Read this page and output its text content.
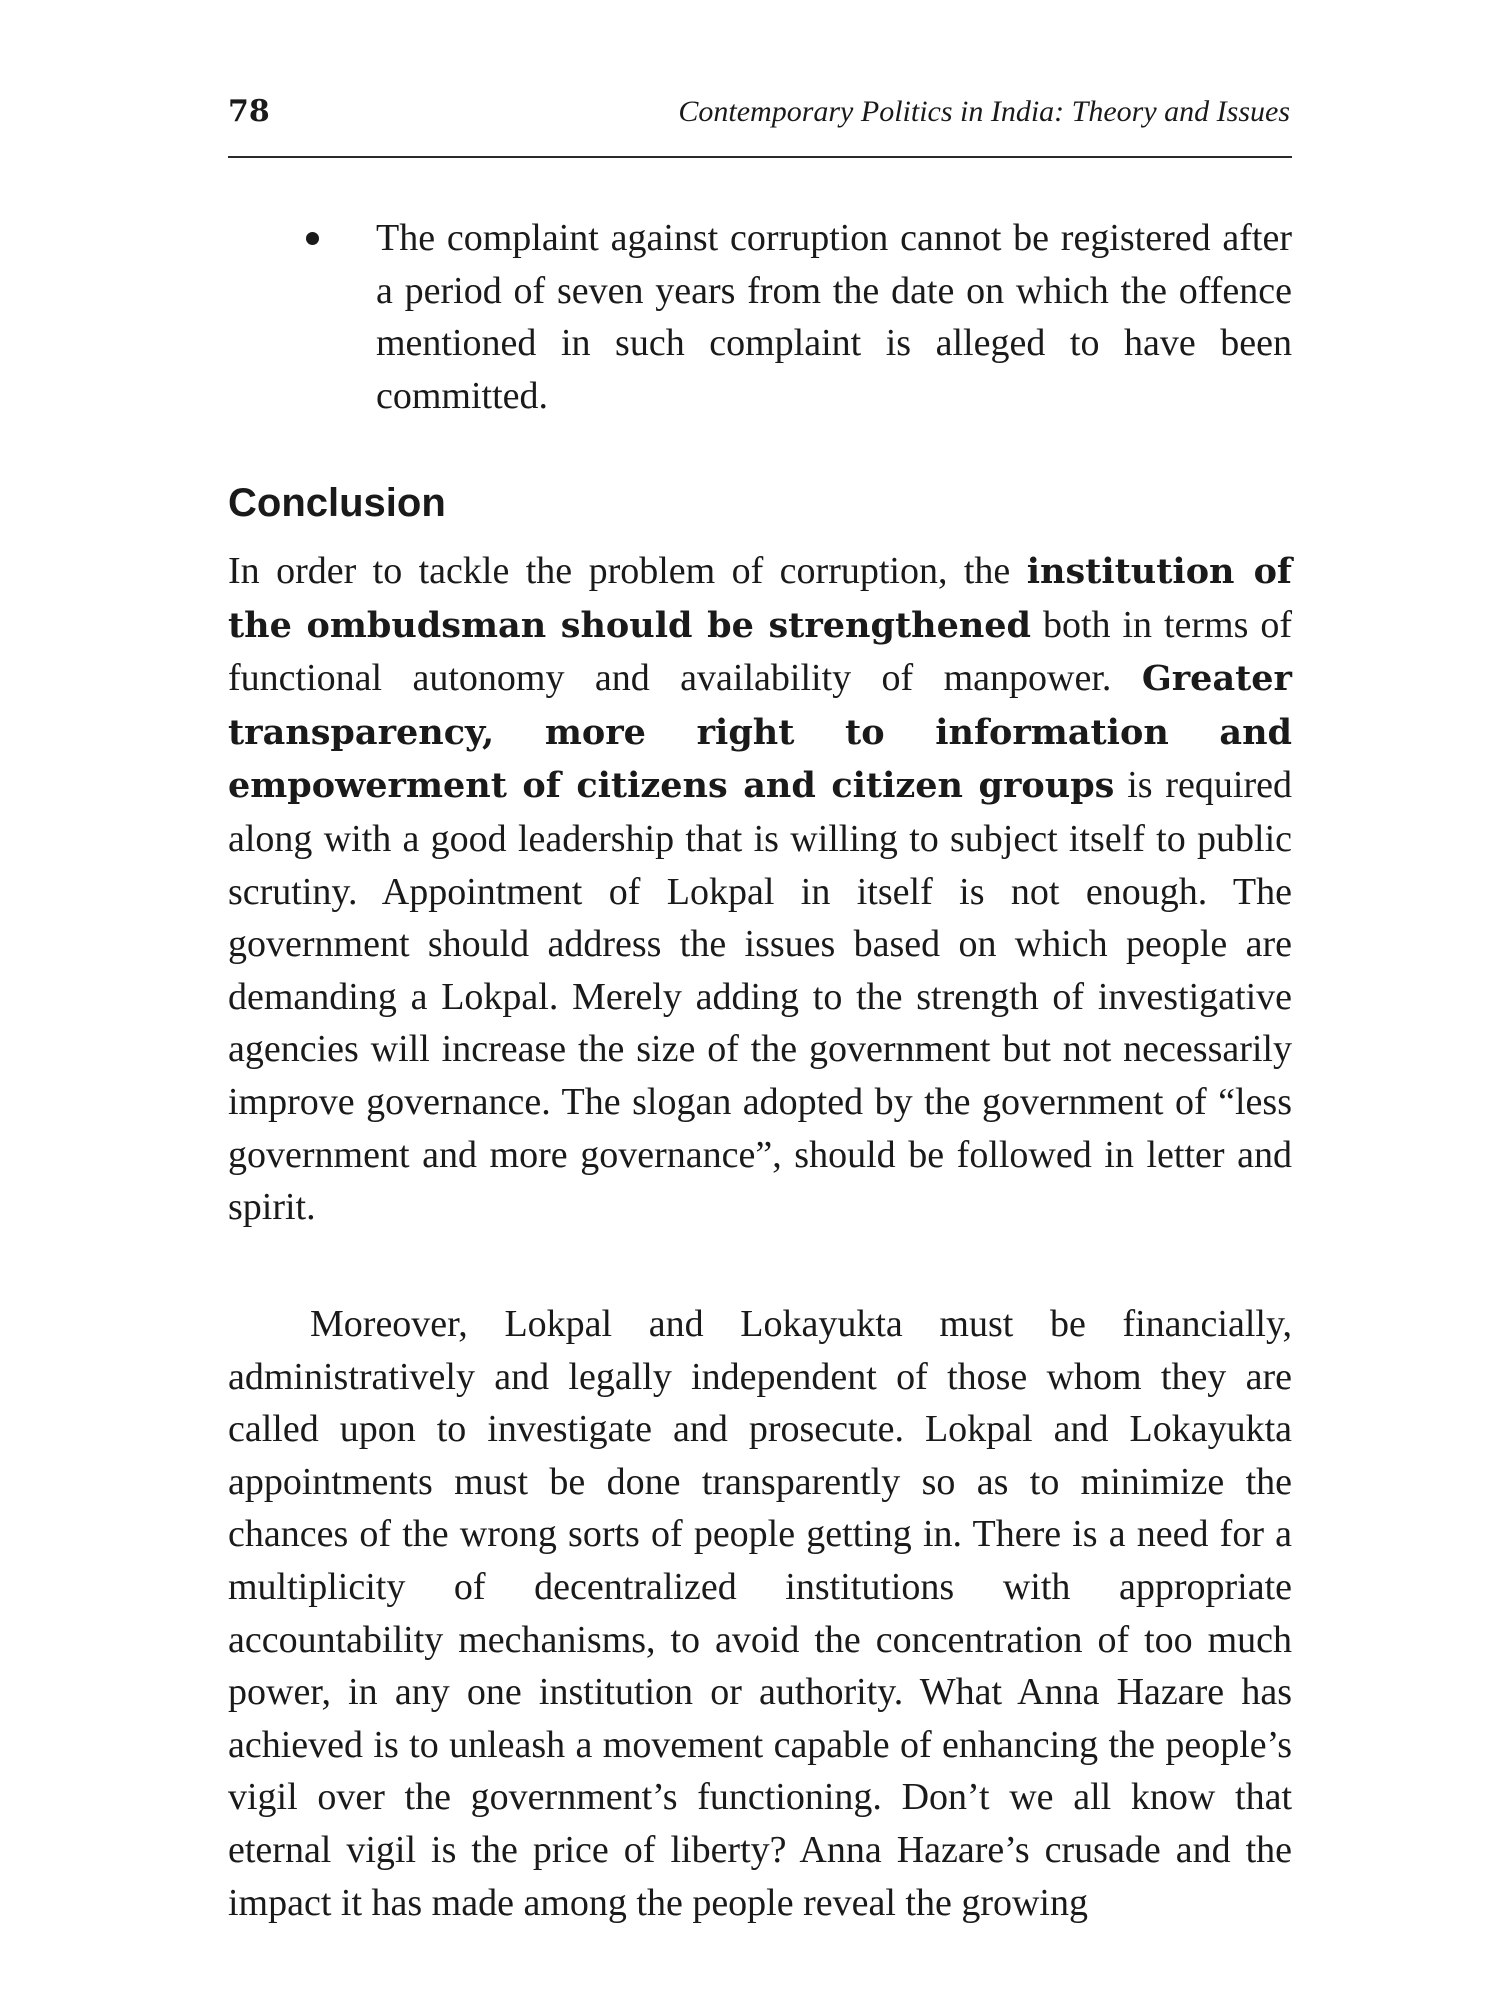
78	Contemporary Politics in India: Theory and Issues

The complaint against corruption cannot be registered after a period of seven years from the date on which the offence mentioned in such complaint is alleged to have been committed.

Conclusion

In order to tackle the problem of corruption, the institution of the ombudsman should be strengthened both in terms of functional autonomy and availability of manpower. Greater transparency, more right to information and empowerment of citizens and citizen groups is required along with a good leadership that is willing to subject itself to public scrutiny. Appointment of Lokpal in itself is not enough. The government should address the issues based on which people are demanding a Lokpal. Merely adding to the strength of investigative agencies will increase the size of the government but not necessarily improve governance. The slogan adopted by the government of “less government and more governance”, should be followed in letter and spirit.

Moreover, Lokpal and Lokayukta must be financially, administratively and legally independent of those whom they are called upon to investigate and prosecute. Lokpal and Lokayukta appointments must be done transparently so as to minimize the chances of the wrong sorts of people getting in. There is a need for a multiplicity of decentralized institutions with appropriate accountability mechanisms, to avoid the concentration of too much power, in any one institution or authority. What Anna Hazare has achieved is to unleash a movement capable of enhancing the people’s vigil over the government’s functioning. Don’t we all know that eternal vigil is the price of liberty? Anna Hazare’s crusade and the impact it has made among the people reveal the growing
